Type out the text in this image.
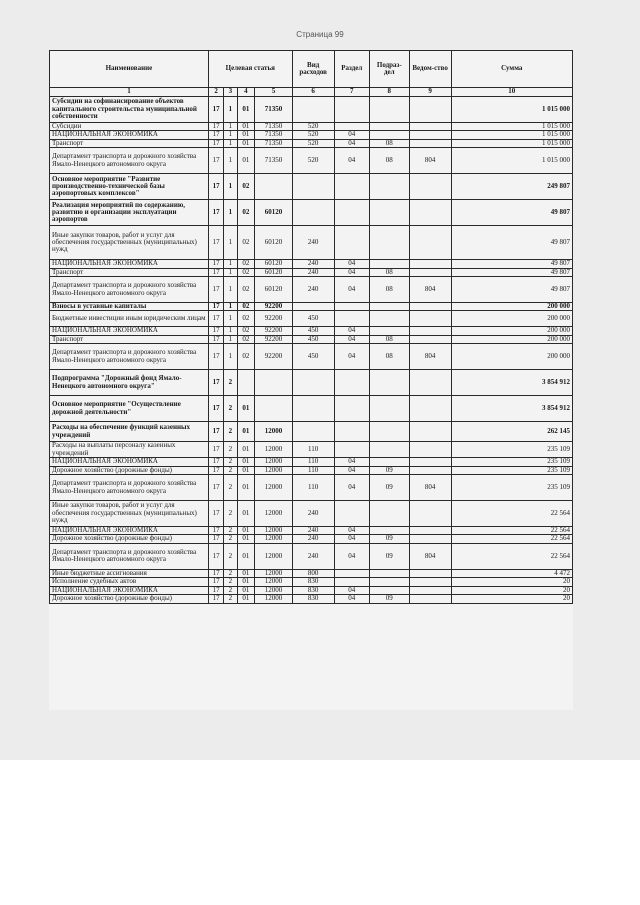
Страница 99
Наименование	Целевая статья				Вид расходов	Раздел	Подраз-дел	Ведом-ство	Сумма
1	2	3	4	5	6	7	8	9	10
Субсидии на софинансирование объектов капитального строительства муниципальной собственности	17	1	01	71350					1 015 000
Субсидии	17	1	01	71350	520				1 015 000
НАЦИОНАЛЬНАЯ ЭКОНОМИКА	17	1	01	71350	520	04			1 015 000
Транспорт	17	1	01	71350	520	04	08		1 015 000
Департамент транспорта и дорожного хозяйства Ямало-Ненецкого автономного округа	17	1	01	71350	520	04	08	804	1 015 000
Основное мероприятие "Развитие производственно-технической базы аэропортовых комплексов"	17	1	02						249 807
Реализация мероприятий по содержанию, развитию и организации эксплуатации аэропортов	17	1	02	60120					49 807
Иные закупки товаров, работ и услуг для обеспечения государственных (муниципальных) нужд	17	1	02	60120	240				49 807
НАЦИОНАЛЬНАЯ ЭКОНОМИКА	17	1	02	60120	240	04			49 807
Транспорт	17	1	02	60120	240	04	08		49 807
Департамент транспорта и дорожного хозяйства Ямало-Ненецкого автономного округа	17	1	02	60120	240	04	08	804	49 807
Взносы в уставные капиталы	17	1	02	92200					200 000
Бюджетные инвестиции иным юридическим лицам	17	1	02	92200	450				200 000
НАЦИОНАЛЬНАЯ ЭКОНОМИКА	17	1	02	92200	450	04			200 000
Транспорт	17	1	02	92200	450	04	08		200 000
Департамент транспорта и дорожного хозяйства Ямало-Ненецкого автономного округа	17	1	02	92200	450	04	08	804	200 000
Подпрограмма "Дорожный фонд Ямало-Ненецкого автономного округа"	17	2							3 854 912
Основное мероприятие "Осуществление дорожной деятельности"	17	2	01						3 854 912
Расходы на обеспечение функций казенных учреждений	17	2	01	12000					262 145
Расходы на выплаты персоналу казенных учреждений	17	2	01	12000	110				235 109
НАЦИОНАЛЬНАЯ ЭКОНОМИКА	17	2	01	12000	110	04			235 109
Дорожное хозяйство (дорожные фонды)	17	2	01	12000	110	04	09		235 109
Департамент транспорта и дорожного хозяйства Ямало-Ненецкого автономного округа	17	2	01	12000	110	04	09	804	235 109
Иные закупки товаров, работ и услуг для обеспечения государственных (муниципальных) нужд	17	2	01	12000	240				22 564
НАЦИОНАЛЬНАЯ ЭКОНОМИКА	17	2	01	12000	240	04			22 564
Дорожное хозяйство (дорожные фонды)	17	2	01	12000	240	04	09		22 564
Департамент транспорта и дорожного хозяйства Ямало-Ненецкого автономного округа	17	2	01	12000	240	04	09	804	22 564
Иные бюджетные ассигнования	17	2	01	12000	800				4 472
Исполнение судебных актов	17	2	01	12000	830				20
НАЦИОНАЛЬНАЯ ЭКОНОМИКА	17	2	01	12000	830	04			20
Дорожное хозяйство (дорожные фонды)	17	2	01	12000	830	04	09		20
